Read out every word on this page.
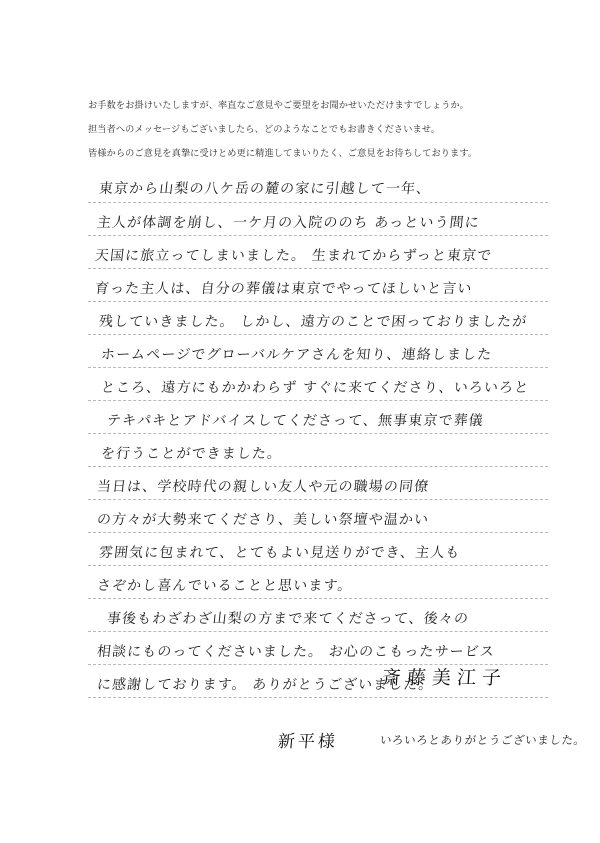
お手数をお掛けいたしますが、率直なご意見やご要望をお聞かせいただけますでしょうか。
担当者へのメッセージもございましたら、どのようなことでもお書きくださいませ。
皆様からのご意見を真摯に受けとめ更に精進してまいりたく、ご意見をお待ちしております。
東京から山梨の八ケ岳の麓の家に引越して一年、
主人が体調を崩し、一ケ月の入院ののち あっという間に
天国に旅立ってしまいました。 生まれてからずっと東京で
育った主人は、自分の葬儀は東京でやってほしいと言い
残していきました。 しかし、遠方のことで困っておりましたが
ホームページでグローバルケアさんを知り、連絡しました
ところ、遠方にもかかわらず すぐに来てくださり、いろいろと
テキパキとアドバイスしてくださって、無事東京で葬儀
を行うことができました。
当日は、学校時代の親しい友人や元の職場の同僚
の方々が大勢来てくださり、美しい祭壇や温かい
雰囲気に包まれて、とてもよい見送りができ、主人も
さぞかし喜んでいることと思います。
事後もわざわざ山梨の方まで来てくださって、後々の
相談にものってくださいました。 お心のこもったサービス
に感謝しております。 ありがとうございました。
斎藤美江子
新平様	いろいろとありがとうございました。
